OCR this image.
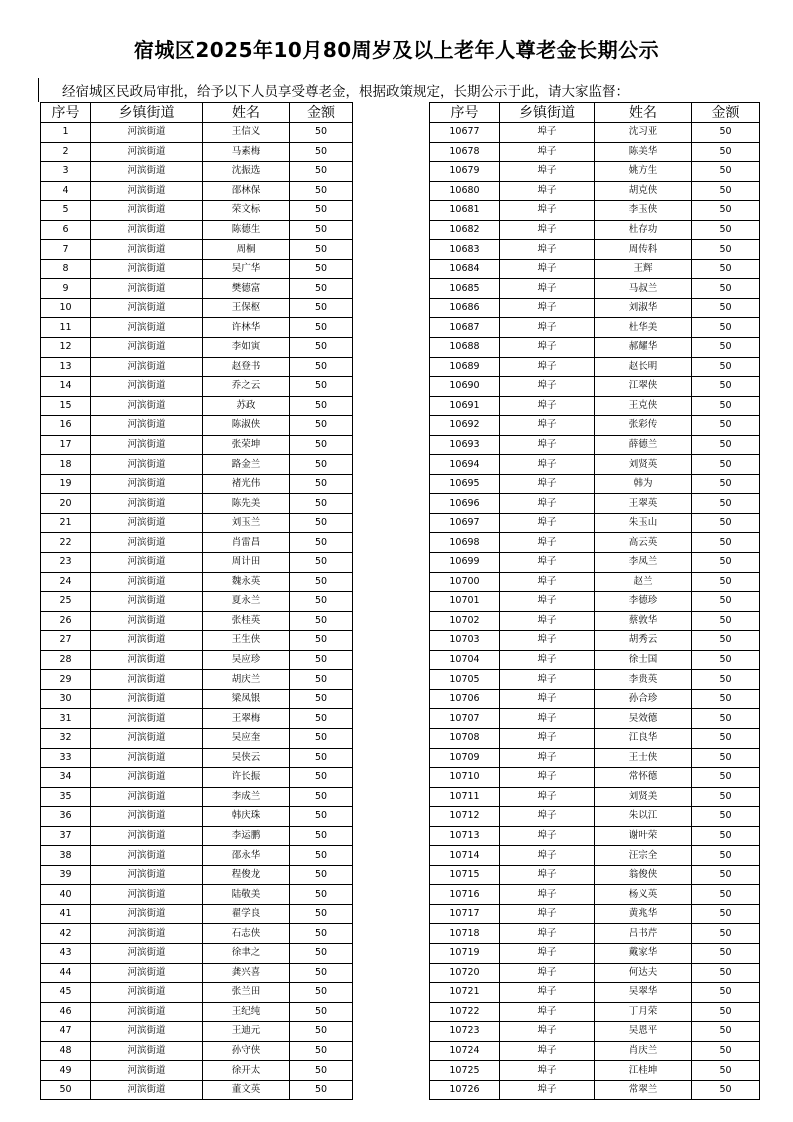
宿城区2025年10月80周岁及以上老年人尊老金长期公示
经宿城区民政局审批，给予以下人员享受尊老金，根据政策规定，长期公示于此，请大家监督：
序号	乡镇街道	姓名	金额
1	河滨街道	王信义	50
2	河滨街道	马素梅	50
3	河滨街道	沈振选	50
4	河滨街道	邵林保	50
5	河滨街道	荣文标	50
6	河滨街道	陈德生	50
7	河滨街道	周桐	50
8	河滨街道	吴广华	50
9	河滨街道	樊德富	50
10	河滨街道	王保枢	50
11	河滨街道	许林华	50
12	河滨街道	李如寅	50
13	河滨街道	赵登书	50
14	河滨街道	乔之云	50
15	河滨街道	苏政	50
16	河滨街道	陈淑侠	50
17	河滨街道	张荣坤	50
18	河滨街道	路金兰	50
19	河滨街道	褚光伟	50
20	河滨街道	陈先美	50
21	河滨街道	刘玉兰	50
22	河滨街道	肖雷昌	50
23	河滨街道	周计田	50
24	河滨街道	魏永英	50
25	河滨街道	夏永兰	50
26	河滨街道	张桂英	50
27	河滨街道	王生侠	50
28	河滨街道	吴应珍	50
29	河滨街道	胡庆兰	50
30	河滨街道	梁凤银	50
31	河滨街道	王翠梅	50
32	河滨街道	吴应奎	50
33	河滨街道	吴侠云	50
34	河滨街道	许长振	50
35	河滨街道	李成兰	50
36	河滨街道	韩庆珠	50
37	河滨街道	李运鹏	50
38	河滨街道	邵永华	50
39	河滨街道	程俊龙	50
40	河滨街道	陆敬美	50
41	河滨街道	翟学良	50
42	河滨街道	石志侠	50
43	河滨街道	徐聿之	50
44	河滨街道	龚兴喜	50
45	河滨街道	张兰田	50
46	河滨街道	王纪纯	50
47	河滨街道	王迪元	50
48	河滨街道	孙守侠	50
49	河滨街道	徐开太	50
50	河滨街道	董文英	50
序号	乡镇街道	姓名	金额
10677	埠子	沈习亚	50
10678	埠子	陈美华	50
10679	埠子	姚方生	50
10680	埠子	胡克侠	50
10681	埠子	李玉侠	50
10682	埠子	杜存功	50
10683	埠子	周传科	50
10684	埠子	王辉	50
10685	埠子	马叔兰	50
10686	埠子	刘淑华	50
10687	埠子	杜华美	50
10688	埠子	郝耀华	50
10689	埠子	赵长明	50
10690	埠子	江翠侠	50
10691	埠子	王克侠	50
10692	埠子	张彩传	50
10693	埠子	薛德兰	50
10694	埠子	刘贤英	50
10695	埠子	韩为	50
10696	埠子	王翠英	50
10697	埠子	朱玉山	50
10698	埠子	高云英	50
10699	埠子	李凤兰	50
10700	埠子	赵兰	50
10701	埠子	李德珍	50
10702	埠子	蔡敦华	50
10703	埠子	胡秀云	50
10704	埠子	徐士国	50
10705	埠子	李贵英	50
10706	埠子	孙合珍	50
10707	埠子	吴效德	50
10708	埠子	江良华	50
10709	埠子	王士侠	50
10710	埠子	常怀德	50
10711	埠子	刘贤美	50
10712	埠子	朱以江	50
10713	埠子	谢叶荣	50
10714	埠子	汪宗全	50
10715	埠子	翁俊侠	50
10716	埠子	杨义英	50
10717	埠子	黄兆华	50
10718	埠子	吕书芹	50
10719	埠子	戴家华	50
10720	埠子	何达夫	50
10721	埠子	吴翠华	50
10722	埠子	丁月荣	50
10723	埠子	吴恩平	50
10724	埠子	肖庆兰	50
10725	埠子	江桂坤	50
10726	埠子	常翠兰	50
